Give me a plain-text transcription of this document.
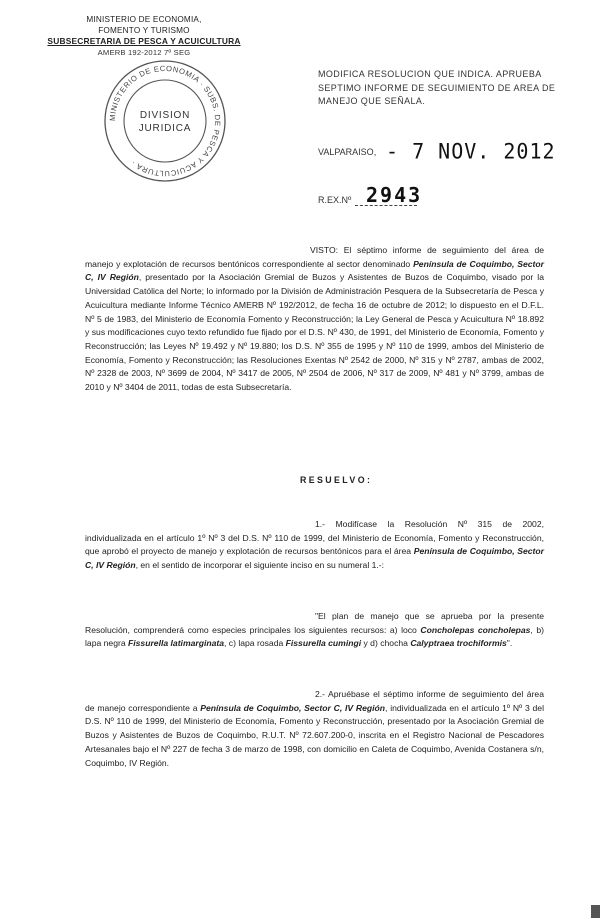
MINISTERIO DE ECONOMIA,
FOMENTO Y TURISMO
SUBSECRETARIA DE PESCA Y ACUICULTURA
AMERB 192-2012 7º SEG
MINISTERIO DE ECONOMIA · SUBS. DE PESCA Y ACUICULTURA ·
DIVISION
JURIDICA
MODIFICA RESOLUCION QUE INDICA. APRUEBA SEPTIMO INFORME DE SEGUIMIENTO DE AREA DE MANEJO QUE SEÑALA.
VALPARAISO, - 7 NOV. 2012
R.EX.Nº 2943
VISTO: El séptimo informe de seguimiento del área de manejo y explotación de recursos bentónicos correspondiente al sector denominado Península de Coquimbo, Sector C, IV Región, presentado por la Asociación Gremial de Buzos y Asistentes de Buzos de Coquimbo, visado por la Universidad Católica del Norte; lo informado por la División de Administración Pesquera de la Subsecretaría de Pesca y Acuicultura mediante Informe Técnico AMERB Nº 192/2012, de fecha 16 de octubre de 2012; lo dispuesto en el D.F.L. Nº 5 de 1983, del Ministerio de Economía Fomento y Reconstrucción; la Ley General de Pesca y Acuicultura Nº 18.892 y sus modificaciones cuyo texto refundido fue fijado por el D.S. Nº 430, de 1991, del Ministerio de Economía, Fomento y Reconstrucción; las Leyes Nº 19.492 y Nº 19.880; los D.S. Nº 355 de 1995 y Nº 110 de 1999, ambos del Ministerio de Economía, Fomento y Reconstrucción; las Resoluciones Exentas Nº 2542 de 2000, Nº 315 y Nº 2787, ambas de 2002, Nº 2328 de 2003, Nº 3699 de 2004, Nº 3417 de 2005, Nº 2504 de 2006, Nº 317 de 2009, Nº 481 y Nº 3799, ambas de 2010 y Nº 3404 de 2011, todas de esta Subsecretaría.
RESUELVO:
1.- Modifícase la Resolución Nº 315 de 2002, individualizada en el artículo 1º Nº 3 del D.S. Nº 110 de 1999, del Ministerio de Economía, Fomento y Reconstrucción, que aprobó el proyecto de manejo y explotación de recursos bentónicos para el área Península de Coquimbo, Sector C, IV Región, en el sentido de incorporar el siguiente inciso en su numeral 1.-:
"El plan de manejo que se aprueba por la presente Resolución, comprenderá como especies principales los siguientes recursos: a) loco Concholepas concholepas, b) lapa negra Fissurella latimarginata, c) lapa rosada Fissurella cumingi y d) chocha Calyptraea trochiformis".
2.- Apruébase el séptimo informe de seguimiento del área de manejo correspondiente a Península de Coquimbo, Sector C, IV Región, individualizada en el artículo 1º Nº 3 del D.S. Nº 110 de 1999, del Ministerio de Economía, Fomento y Reconstrucción, presentado por la Asociación Gremial de Buzos y Asistentes de Buzos de Coquimbo, R.U.T. Nº 72.607.200-0, inscrita en el Registro Nacional de Pescadores Artesanales bajo el Nº 227 de fecha 3 de marzo de 1998, con domicilio en Caleta de Coquimbo, Avenida Costanera s/n, Coquimbo, IV Región.
